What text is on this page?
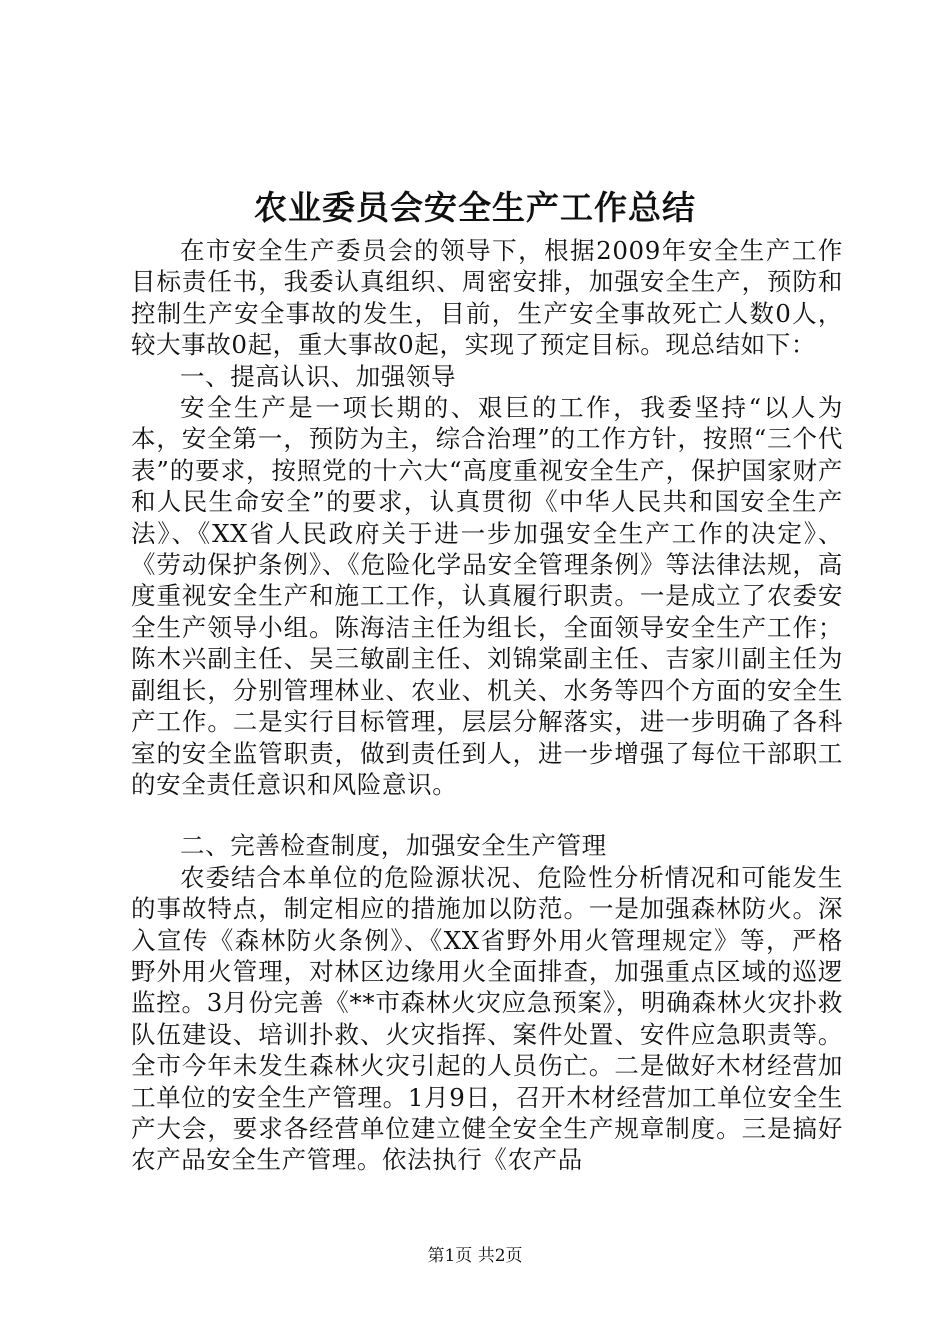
农业委员会安全生产工作总结

在市安全生产委员会的领导下，根据2009年安全生产工作目标责任书，我委认真组织、周密安排，加强安全生产，预防和控制生产安全事故的发生，目前，生产安全事故死亡人数0人，较大事故0起，重大事故0起，实现了预定目标。现总结如下：

一、提高认识、加强领导

安全生产是一项长期的、艰巨的工作，我委坚持“以人为本，安全第一，预防为主，综合治理”的工作方针，按照“三个代表”的要求，按照党的十六大“高度重视安全生产，保护国家财产和人民生命安全”的要求，认真贯彻《中华人民共和国安全生产法》、《XX省人民政府关于进一步加强安全生产工作的决定》、《劳动保护条例》、《危险化学品安全管理条例》等法律法规，高度重视安全生产和施工工作，认真履行职责。一是成立了农委安全生产领导小组。陈海洁主任为组长，全面领导安全生产工作；陈木兴副主任、吴三敏副主任、刘锦棠副主任、吉家川副主任为副组长，分别管理林业、农业、机关、水务等四个方面的安全生产工作。二是实行目标管理，层层分解落实，进一步明确了各科室的安全监管职责，做到责任到人，进一步增强了每位干部职工的安全责任意识和风险意识。

二、完善检查制度，加强安全生产管理

农委结合本单位的危险源状况、危险性分析情况和可能发生的事故特点，制定相应的措施加以防范。一是加强森林防火。深入宣传《森林防火条例》、《XX省野外用火管理规定》等，严格野外用火管理，对林区边缘用火全面排查，加强重点区域的巡逻监控。3月份完善《**市森林火灾应急预案》，明确森林火灾扑救队伍建设、培训扑救、火灾指挥、案件处置、安件应急职责等。全市今年未发生森林火灾引起的人员伤亡。二是做好木材经营加工单位的安全生产管理。1月9日，召开木材经营加工单位安全生产大会，要求各经营单位建立健全安全生产规章制度。三是搞好农产品安全生产管理。依法执行《农产品

第1页 共2页
